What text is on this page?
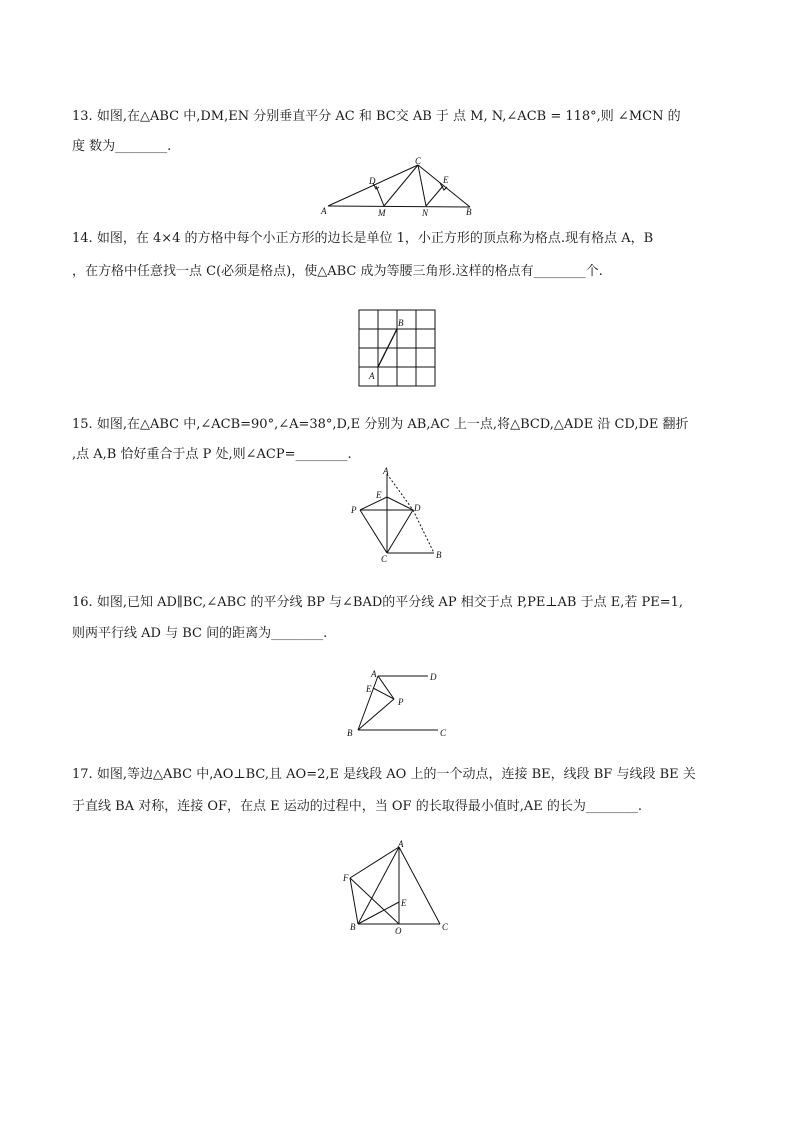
13. 如图,在△ABC 中,DM,EN 分别垂直平分 AC 和 BC交 AB 于 点 M, N,∠ACB = 118°,则 ∠MCN 的
度 数为________.
A
D
C
E
M	N	B
14. 如图，在 4×4 的方格中每个小正方形的边长是单位 1，小正方形的顶点称为格点.现有格点 A，B
，在方格中任意找一点 C(必须是格点)，使△ABC 成为等腰三角形.这样的格点有________个.
A
B
15. 如图,在△ABC 中,∠ACB=90°,∠A=38°,D,E 分别为 AB,AC 上一点,将△BCD,△ADE 沿 CD,DE 翻折
,点 A,B 恰好重合于点 P 处,则∠ACP=________.
A
E
P	D
C	B
16. 如图,已知 AD∥BC,∠ABC 的平分线 BP 与∠BAD的平分线 AP 相交于点 P,PE⊥AB 于点 E,若 PE=1,
则两平行线 AD 与 BC 间的距离为________.
A	D
E
P
B	C
17. 如图,等边△ABC 中,AO⊥BC,且 AO=2,E 是线段 AO 上的一个动点，连接 BE，线段 BF 与线段 BE 关
于直线 BA 对称，连接 OF，在点 E 运动的过程中，当 OF 的长取得最小值时,AE 的长为________.
A
F
E
B	O	C
